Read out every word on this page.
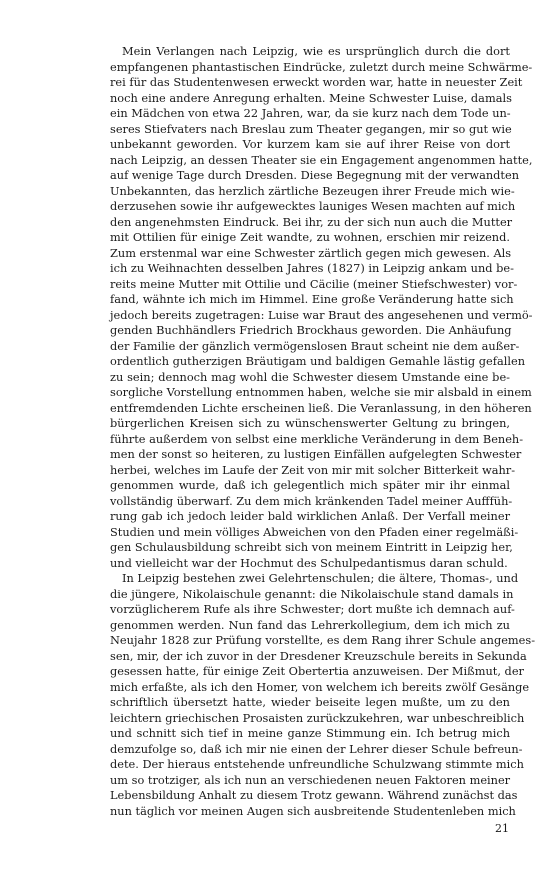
Mein Verlangen nach Leipzig, wie es ursprünglich durch die dort
empfangenen phantastischen Eindrücke, zuletzt durch meine Schwärme-
rei für das Studentenwesen erweckt worden war, hatte in neuester Zeit
noch eine andere Anregung erhalten. Meine Schwester Luise, damals
ein Mädchen von etwa 22 Jahren, war, da sie kurz nach dem Tode un-
seres Stiefvaters nach Breslau zum Theater gegangen, mir so gut wie
unbekannt geworden. Vor kurzem kam sie auf ihrer Reise von dort
nach Leipzig, an dessen Theater sie ein Engagement angenommen hatte,
auf wenige Tage durch Dresden. Diese Begegnung mit der verwandten
Unbekannten, das herzlich zärtliche Bezeugen ihrer Freude mich wie-
derzusehen sowie ihr aufgewecktes launiges Wesen machten auf mich
den angenehmsten Eindruck. Bei ihr, zu der sich nun auch die Mutter
mit Ottilien für einige Zeit wandte, zu wohnen, erschien mir reizend.
Zum erstenmal war eine Schwester zärtlich gegen mich gewesen. Als
ich zu Weihnachten desselben Jahres (1827) in Leipzig ankam und be-
reits meine Mutter mit Ottilie und Cäcilie (meiner Stiefschwester) vor-
fand, wähnte ich mich im Himmel. Eine große Veränderung hatte sich
jedoch bereits zugetragen: Luise war Braut des angesehenen und vermö-
genden Buchhändlers Friedrich Brockhaus geworden. Die Anhäufung
der Familie der gänzlich vermögenslosen Braut scheint nie dem außer-
ordentlich gutherzigen Bräutigam und baldigen Gemahle lästig gefallen
zu sein; dennoch mag wohl die Schwester diesem Umstande eine be-
sorgliche Vorstellung entnommen haben, welche sie mir alsbald in einem
entfremdenden Lichte erscheinen ließ. Die Veranlassung, in den höheren
bürgerlichen Kreisen sich zu wünschenswerter Geltung zu bringen,
führte außerdem von selbst eine merkliche Veränderung in dem Beneh-
men der sonst so heiteren, zu lustigen Einfällen aufgelegten Schwester
herbei, welches im Laufe der Zeit von mir mit solcher Bitterkeit wahr-
genommen wurde, daß ich gelegentlich mich später mir ihr einmal
vollständig überwarf. Zu dem mich kränkenden Tadel meiner Aufffüh-
rung gab ich jedoch leider bald wirklichen Anlaß. Der Verfall meiner
Studien und mein völliges Abweichen von den Pfaden einer regelmäßi-
gen Schulausbildung schreibt sich von meinem Eintritt in Leipzig her,
und vielleicht war der Hochmut des Schulpedantismus daran schuld.
In Leipzig bestehen zwei Gelehrtenschulen; die ältere, Thomas-, und
die jüngere, Nikolaischule genannt: die Nikolaischule stand damals in
vorzüglicherem Rufe als ihre Schwester; dort mußte ich demnach auf-
genommen werden. Nun fand das Lehrerkollegium, dem ich mich zu
Neujahr 1828 zur Prüfung vorstellte, es dem Rang ihrer Schule angemes-
sen, mir, der ich zuvor in der Dresdener Kreuzschule bereits in Sekunda
gesessen hatte, für einige Zeit Obertertia anzuweisen. Der Mißmut, der
mich erfaßte, als ich den Homer, von welchem ich bereits zwölf Gesänge
schriftlich übersetzt hatte, wieder beiseite legen mußte, um zu den
leichtern griechischen Prosaisten zurückzukehren, war unbeschreiblich
und schnitt sich tief in meine ganze Stimmung ein. Ich betrug mich
demzufolge so, daß ich mir nie einen der Lehrer dieser Schule befreun-
dete. Der hieraus entstehende unfreundliche Schulzwang stimmte mich
um so trotziger, als ich nun an verschiedenen neuen Faktoren meiner
Lebensbildung Anhalt zu diesem Trotz gewann. Während zunächst das
nun täglich vor meinen Augen sich ausbreitende Studentenleben mich
21
